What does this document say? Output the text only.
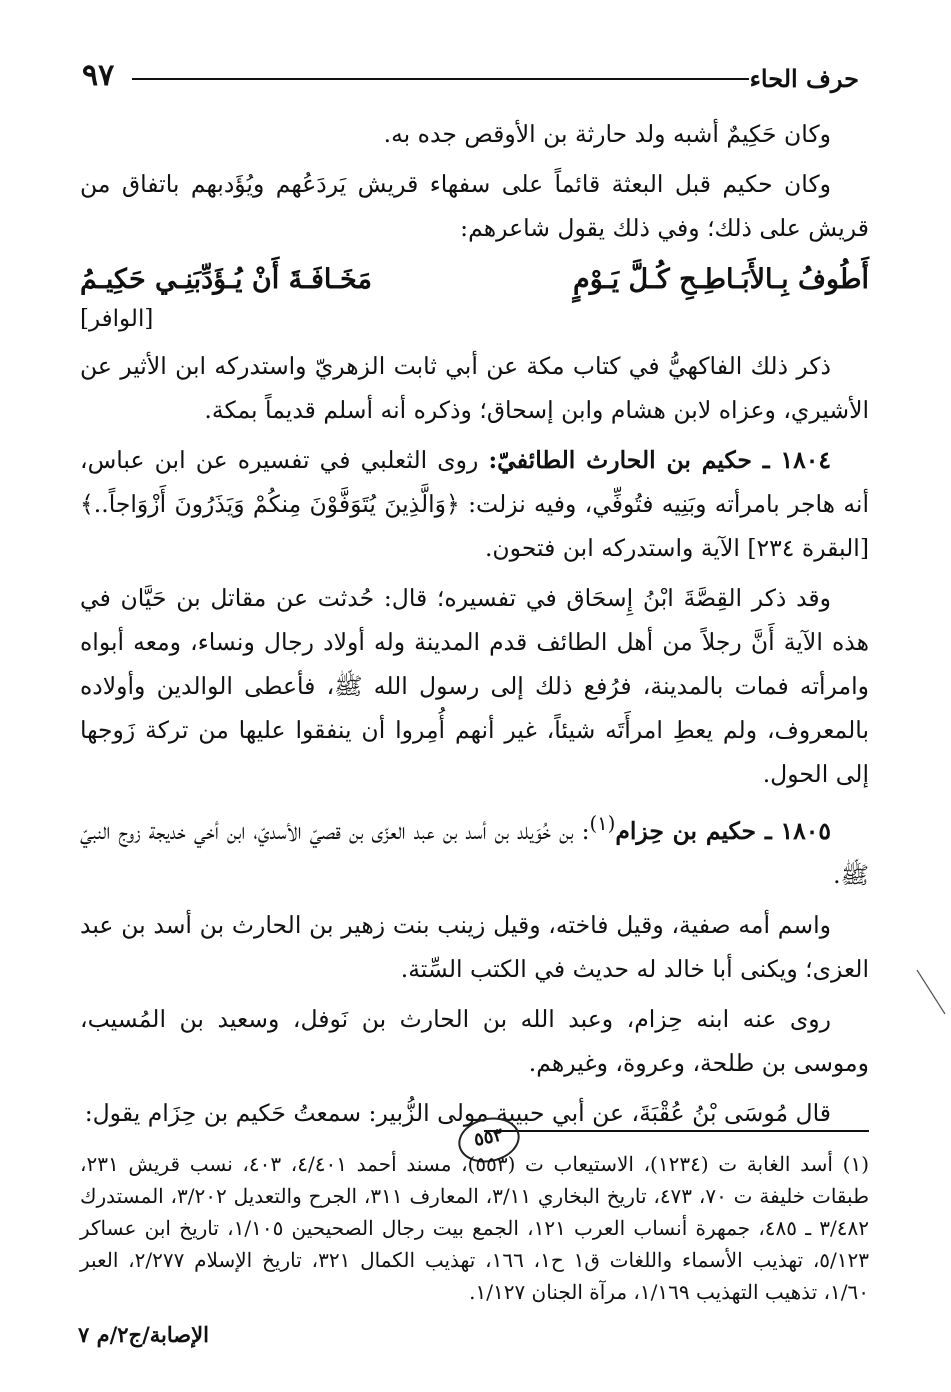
حرف الحاء
٩٧

وكان حَكِيمٌ أشبه ولد حارثة بن الأوقص جده به.

وكان حكيم قبل البعثة قائماً على سفهاء قريش يَردَعُهم ويُؤَدبهم باتفاق من قريش على ذلك؛ وفي ذلك يقول شاعرهم:

أَطُوفُ بِـالأَبَـاطِـحِ كُـلَّ يَـوْمٍ
مَخَـافَـةَ أَنْ يُـؤَدِّبَنِـي حَكِيـمُ
[الوافر]

ذكر ذلك الفاكهيُّ في كتاب مكة عن أبي ثابت الزهريّ واستدركه ابن الأثير عن الأشيري، وعزاه لابن هشام وابن إسحاق؛ وذكره أنه أسلم قديماً بمكة.

١٨٠٤ ـ حكيم بن الحارث الطائفيّ: روى الثعلبي في تفسيره عن ابن عباس، أنه هاجر بامرأته وبَنِيه فتُوفِّي، وفيه نزلت: ﴿وَالَّذِينَ يُتَوَفَّوْنَ مِنكُمْ وَيَذَرُونَ أَزْوَاجاً..﴾ [البقرة ٢٣٤] الآية واستدركه ابن فتحون.

وقد ذكر القِصَّةَ ابْنُ إِسحَاق في تفسيره؛ قال: حُدثت عن مقاتل بن حَيَّان في هذه الآية أَنَّ رجلاً من أهل الطائف قدم المدينة وله أولاد رجال ونساء، ومعه أبواه وامرأته فمات بالمدينة، فرُفع ذلك إلى رسول الله ﷺ، فأعطى الوالدين وأولاده بالمعروف، ولم يعطِ امرأَتَه شيئاً، غير أنهم أُمِروا أن ينفقوا عليها من تركة زَوجها إلى الحول.

١٨٠٥ ـ حكيم بن حِزام$^{(١)}$: بن خُوَيلد بن أسد بن عبد العزّى بن قصيّ الأسديّ، ابن أخي خديجة زوج النبيّ ﷺ.

واسم أمه صفية، وقيل فاخته، وقيل زينب بنت زهير بن الحارث بن أسد بن عبد العزى؛ ويكنى أبا خالد له حديث في الكتب السِّتة.

روى عنه ابنه حِزام، وعبد الله بن الحارث بن نَوفل، وسعيد بن المُسيب، وموسى بن طلحة، وعروة، وغيرهم.

قال مُوسَى بْنُ عُقْبَةَ، عن أبي حبيبة مولى الزُّبير: سمعتُ حَكيم بن حِزَام يقول:

٥٥٣
(١) أسد الغابة ت (١٢٣٤)، الاستيعاب ت (٥٥٣)، مسند أحمد ٤/٤٠١، ٤٠٣، نسب قريش ٢٣١، طبقات خليفة ت ٧٠، ٤٧٣، تاريخ البخاري ٣/١١، المعارف ٣١١، الجرح والتعديل ٣/٢٠٢، المستدرك ٣/٤٨٢ ـ ٤٨٥، جمهرة أنساب العرب ١٢١، الجمع بيت رجال الصحيحين ١/١٠٥، تاريخ ابن عساكر ٥/١٢٣، تهذيب الأسماء واللغات ق١ ح١، ١٦٦، تهذيب الكمال ٣٢١، تاريخ الإسلام ٢/٢٧٧، العبر ١/٦٠، تذهيب التهذيب ١/١٦٩، مرآة الجنان ١/١٢٧.
الإصابة/ج٢/م ٧
